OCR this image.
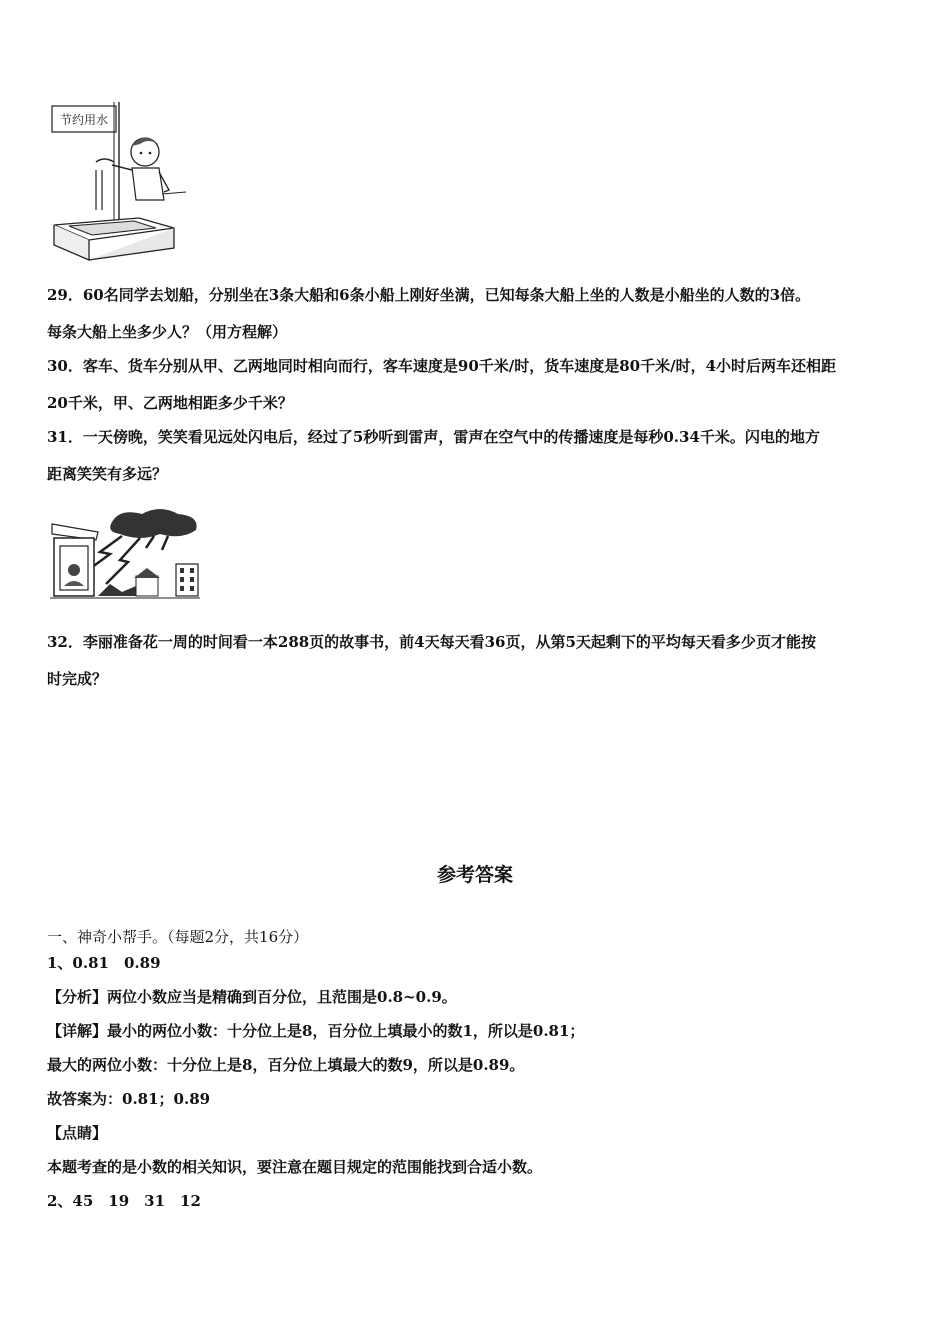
节约用水

29．60名同学去划船，分别坐在3条大船和6条小船上刚好坐满，已知每条大船上坐的人数是小船坐的人数的3倍。

每条大船上坐多少人？（用方程解）

30．客车、货车分别从甲、乙两地同时相向而行，客车速度是90千米/时，货车速度是80千米/时，4小时后两车还相距

20千米，甲、乙两地相距多少千米？

31．一天傍晚，笑笑看见远处闪电后，经过了5秒听到雷声，雷声在空气中的传播速度是每秒0.34千米。闪电的地方

距离笑笑有多远？

32．李丽准备花一周的时间看一本288页的故事书，前4天每天看36页，从第5天起剩下的平均每天看多少页才能按

时完成？

参考答案
一、神奇小帮手。（每题2分，共16分）
1、0.81　0.89
【分析】两位小数应当是精确到百分位，且范围是0.8~0.9。
【详解】最小的两位小数：十分位上是8，百分位上填最小的数1，所以是0.81；
最大的两位小数：十分位上是8，百分位上填最大的数9，所以是0.89。
故答案为：0.81；0.89
【点睛】
本题考查的是小数的相关知识，要注意在题目规定的范围能找到合适小数。
2、45　19　31　12
